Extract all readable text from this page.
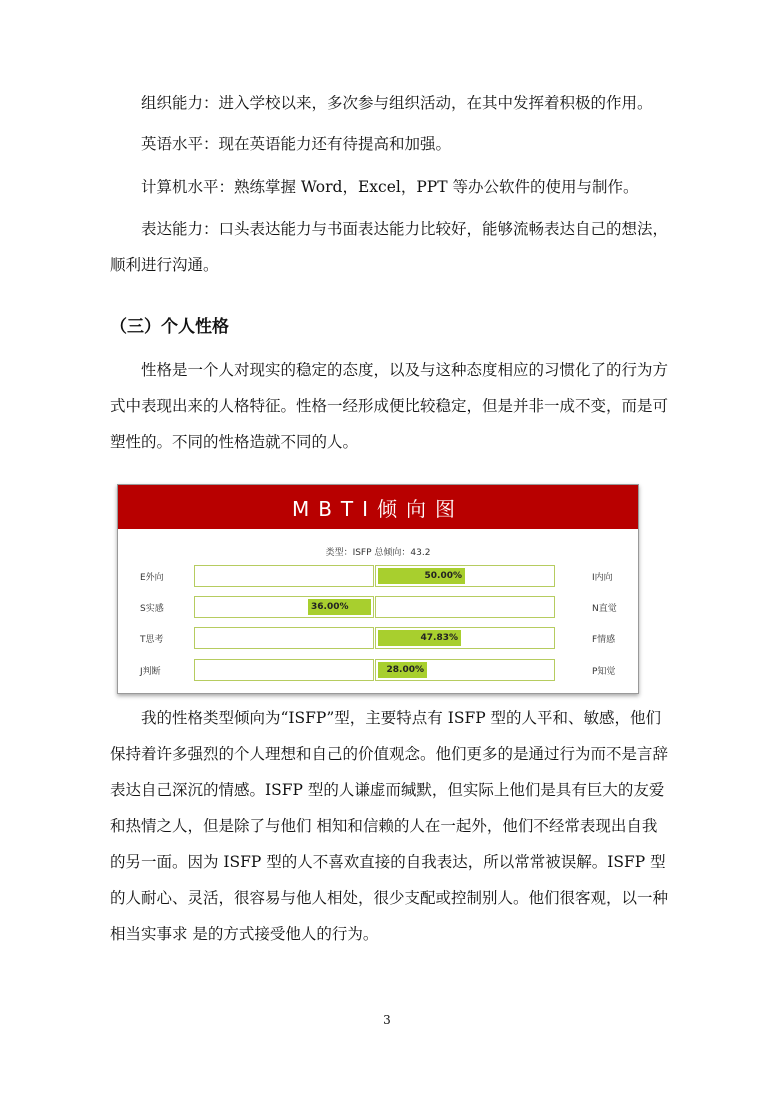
组织能力：进入学校以来，多次参与组织活动，在其中发挥着积极的作用。

英语水平：现在英语能力还有待提高和加强。

计算机水平：熟练掌握 Word，Excel，PPT 等办公软件的使用与制作。

表达能力：口头表达能力与书面表达能力比较好，能够流畅表达自己的想法，顺利进行沟通。

（三）个人性格

性格是一个人对现实的稳定的态度，以及与这种态度相应的习惯化了的行为方式中表现出来的人格特征。性格一经形成便比较稳定，但是并非一成不变，而是可塑性的。不同的性格造就不同的人。

MBTI倾向图
类型：ISFP 总倾向：43.2
E外向	50.00%	I内向
S实感	36.00%	N直觉
T思考	47.83%	F情感
J判断	28.00%	P知觉

我的性格类型倾向为“ISFP”型，主要特点有 ISFP 型的人平和、敏感，他们保持着许多强烈的个人理想和自己的价值观念。他们更多的是通过行为而不是言辞表达自己深沉的情感。ISFP 型的人谦虚而缄默，但实际上他们是具有巨大的友爱和热情之人，但是除了与他们 相知和信赖的人在一起外，他们不经常表现出自我的另一面。因为 ISFP 型的人不喜欢直接的自我表达，所以常常被误解。ISFP 型的人耐心、灵活，很容易与他人相处，很少支配或控制别人。他们很客观，以一种相当实事求 是的方式接受他人的行为。

3
